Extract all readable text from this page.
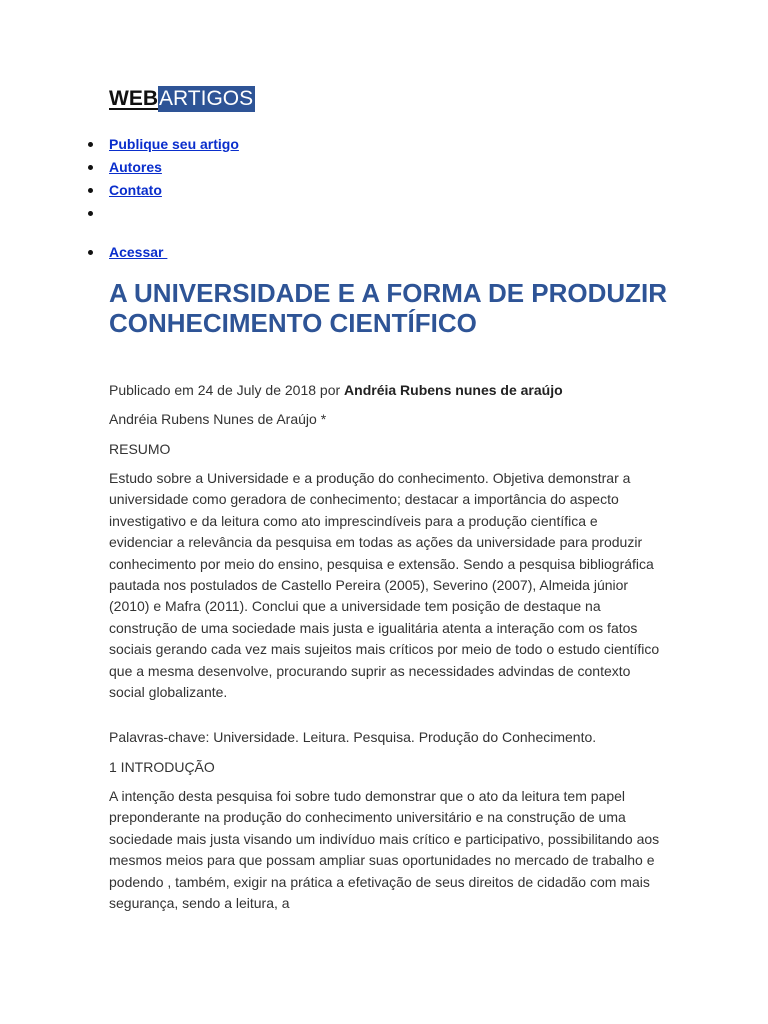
WEB ARTIGOS
Publique seu artigo
Autores
Contato
Acessar
A UNIVERSIDADE E A FORMA DE PRODUZIR CONHECIMENTO CIENTÍFICO
Publicado em 24 de July de 2018 por Andréia Rubens nunes de araújo

Andréia Rubens Nunes de Araújo *

RESUMO

Estudo sobre a Universidade e a produção do conhecimento. Objetiva demonstrar a universidade como geradora de conhecimento; destacar a importância do aspecto investigativo e da leitura como ato imprescindíveis para a produção científica e evidenciar a relevância da pesquisa em todas as ações da universidade para produzir conhecimento por meio do ensino, pesquisa e extensão. Sendo a pesquisa bibliográfica pautada nos postulados de Castello Pereira (2005), Severino (2007), Almeida júnior (2010) e Mafra (2011). Conclui que a universidade tem posição de destaque na construção de uma sociedade mais justa e igualitária atenta a interação com os fatos sociais gerando cada vez mais sujeitos mais críticos por meio de todo o estudo científico que a mesma desenvolve, procurando suprir as necessidades advindas de contexto social globalizante.

Palavras-chave: Universidade. Leitura. Pesquisa. Produção do Conhecimento.

1 INTRODUÇÃO

A intenção desta pesquisa foi sobre tudo demonstrar que o ato da leitura tem papel preponderante na produção do conhecimento universitário e na construção de uma sociedade mais justa visando um indivíduo mais crítico e participativo, possibilitando aos mesmos meios para que possam ampliar suas oportunidades no mercado de trabalho e podendo , também, exigir na prática a efetivação de seus direitos de cidadão com mais segurança, sendo a leitura, a
